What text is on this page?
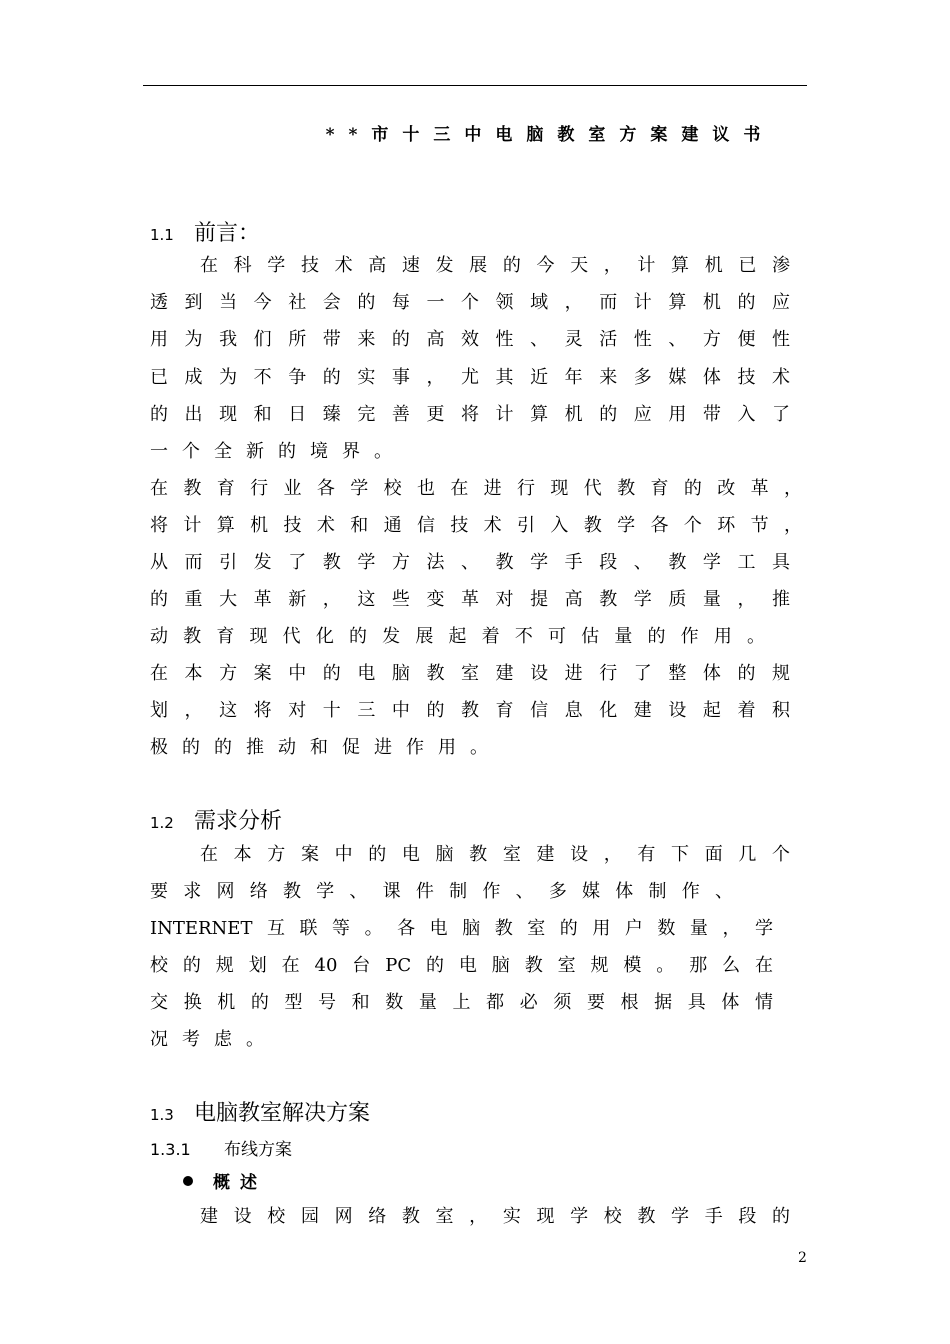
**市十三中电脑教室方案建议书
1.1 前言：
在科学技术高速发展的今天，计算机已渗
透到当今社会的每一个领域，而计算机的应
用为我们所带来的高效性、灵活性、方便性
已成为不争的实事，尤其近年来多媒体技术
的出现和日臻完善更将计算机的应用带入了
一个全新的境界。
在教育行业各学校也在进行现代教育的改革，
将计算机技术和通信技术引入教学各个环节，
从而引发了教学方法、教学手段、教学工具
的重大革新，这些变革对提高教学质量，推
动教育现代化的发展起着不可估量的作用。
在本方案中的电脑教室建设进行了整体的规
划，这将对十三中的教育信息化建设起着积
极的的推动和促进作用。
1.2 需求分析
在本方案中的电脑教室建设，有下面几个
要求网络教学、课件制作、多媒体制作、
INTERNET互联等。各电脑教室的用户数量，学
校的规划在40台PC的电脑教室规模。那么在
交换机的型号和数量上都必须要根据具体情
况考虑。
1.3 电脑教室解决方案
1.3.1 布线方案
概述
建设校园网络教室，实现学校教学手段的
2
